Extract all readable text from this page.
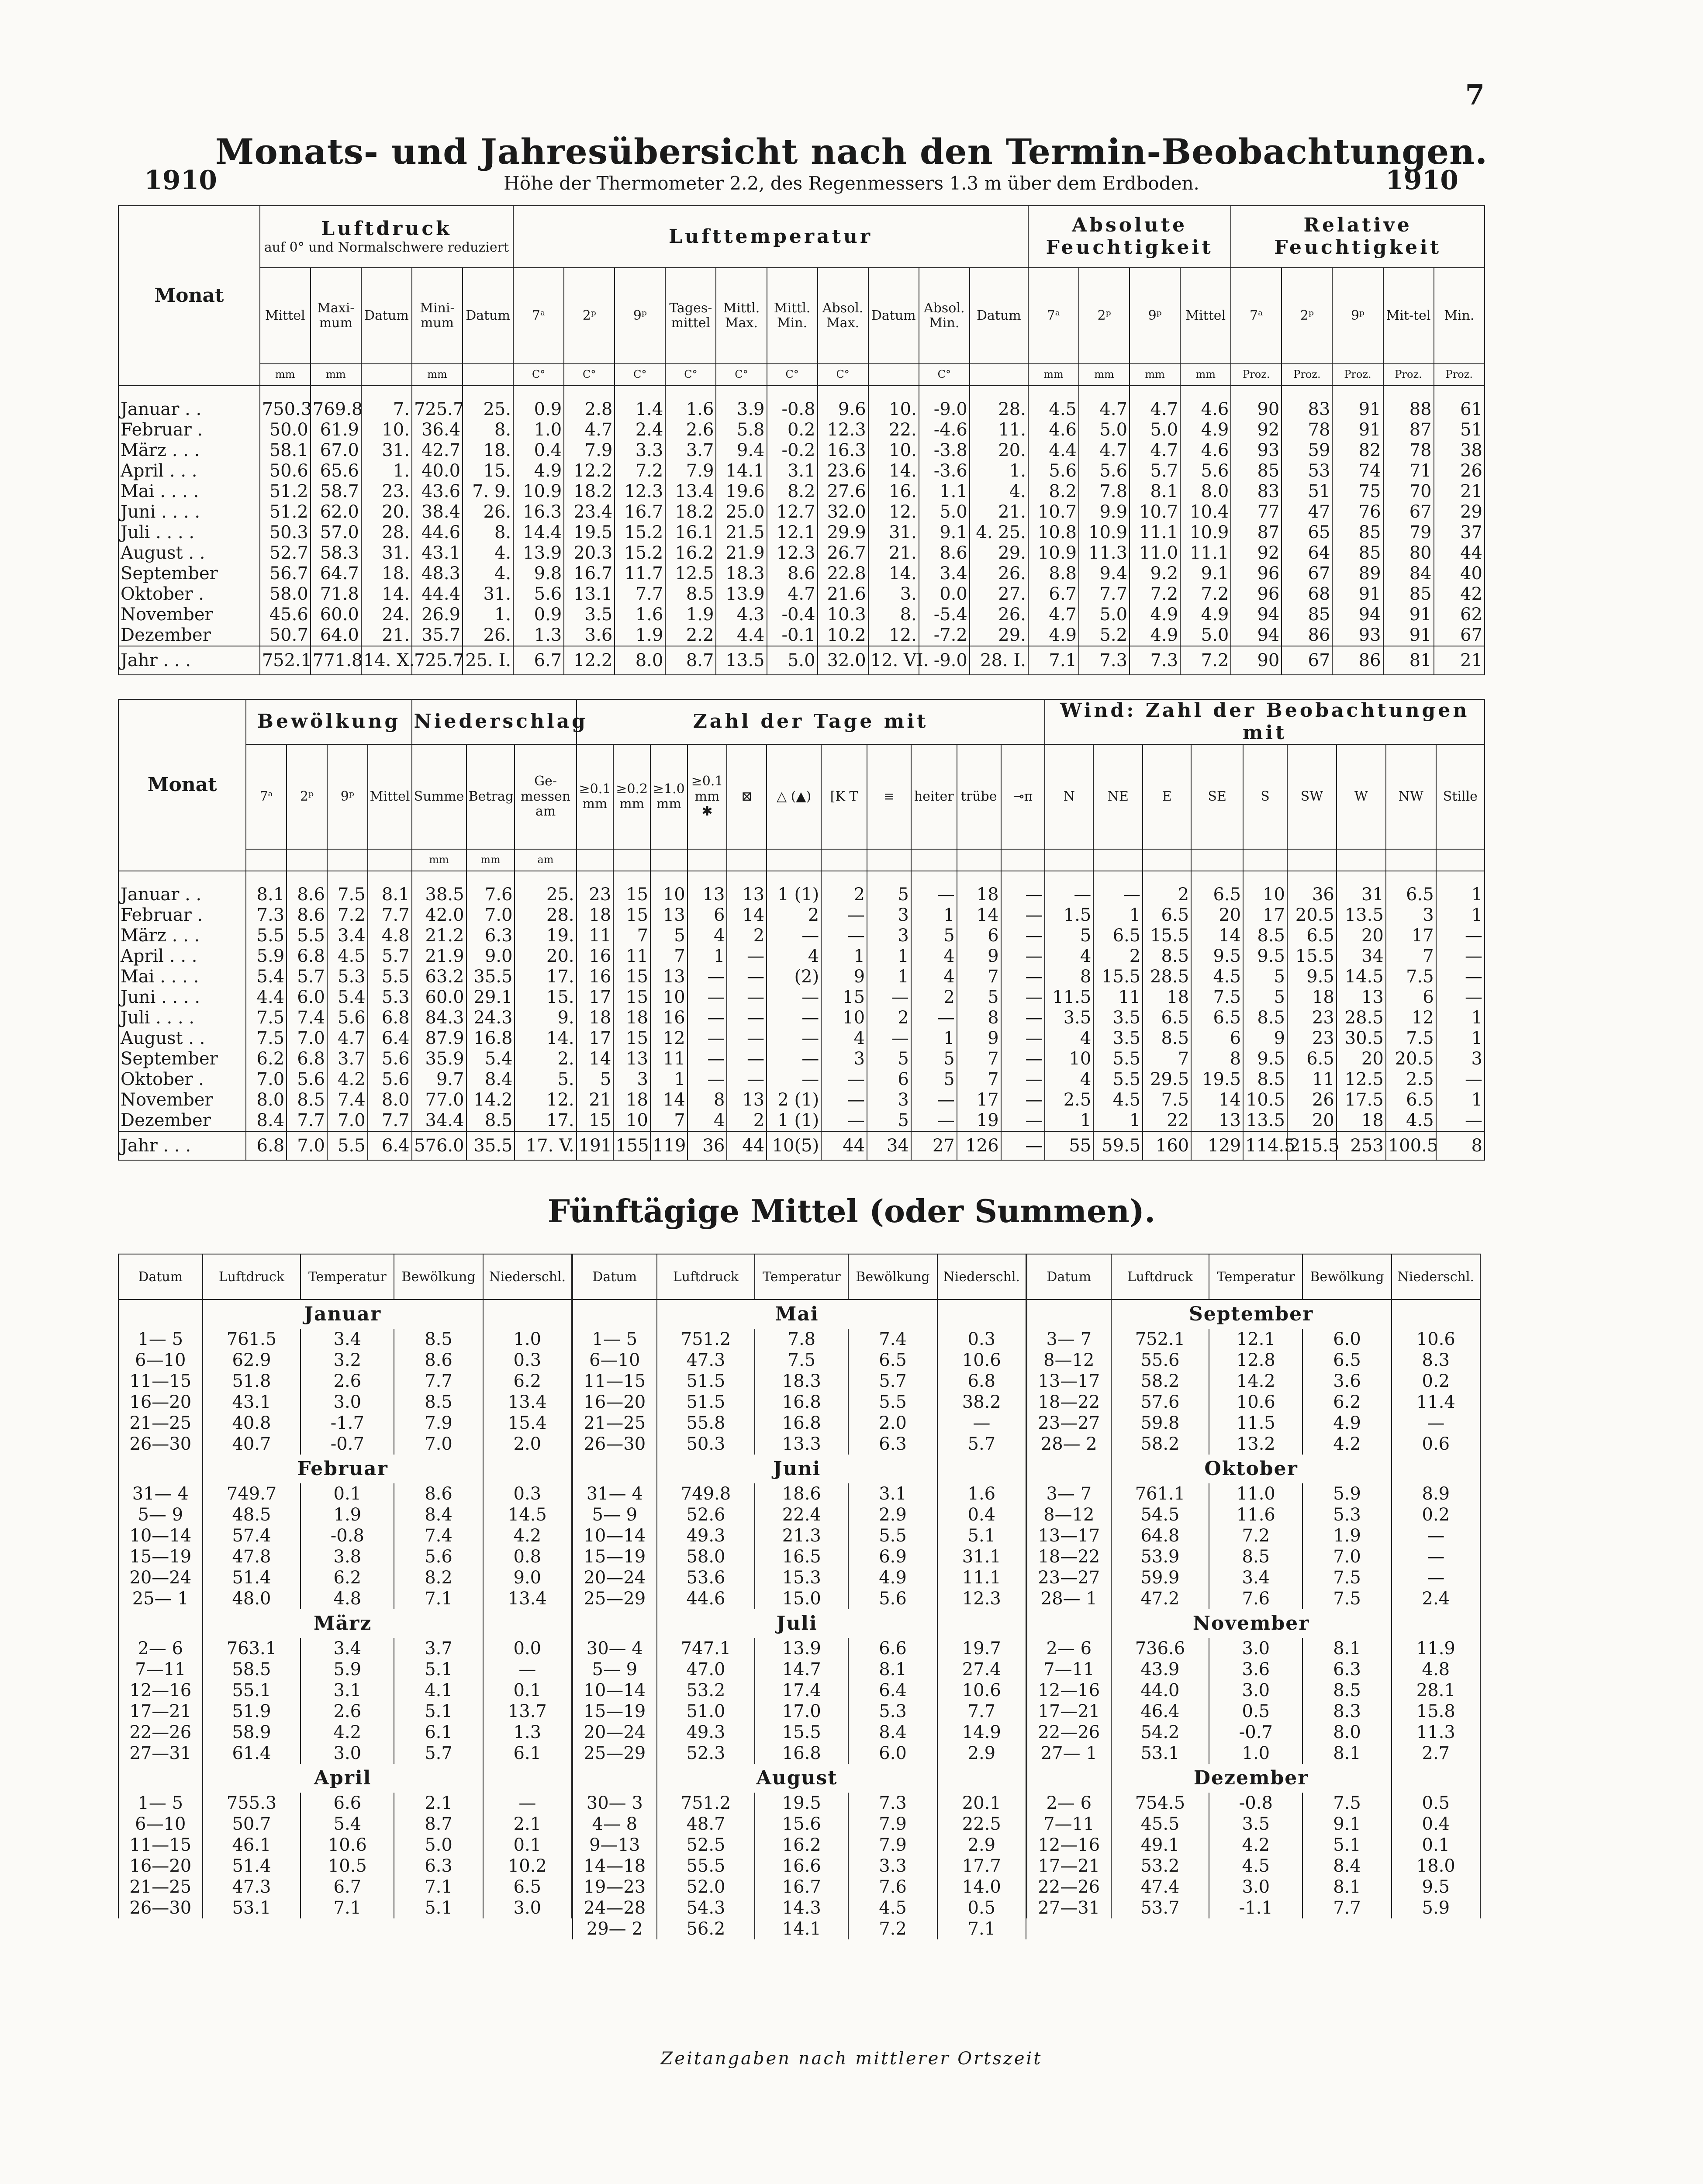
7
Monats- und Jahresübersicht nach den Termin-Beobachtungen.
1910	1910
Höhe der Thermometer 2.2, des Regenmessers 1.3 m über dem Erdboden.
Monat	Luftdruck
auf 0° und Normalschwere reduziert					Lufttemperatur										Absolute Feuchtigkeit				Relative Feuchtigkeit				
	Mittel	Maxi-mum	Datum	Mini-mum	Datum	7ᵃ	2ᵖ	9ᵖ	Tages-mittel	Mittl. Max.	Mittl. Min.	Absol. Max.	Datum	Absol. Min.	Datum	7ᵃ	2ᵖ	9ᵖ	Mittel	7ᵃ	2ᵖ	9ᵖ	Mit-tel	Min.
	mm	mm		mm		C°	C°	C°	C°	C°	C°	C°		C°		mm	mm	mm	mm	Proz.	Proz.	Proz.	Proz.	Proz.
Januar . .	750.3	769.8	7.	725.7	25.	0.9	2.8	1.4	1.6	3.9	-0.8	9.6	10.	-9.0	28.	4.5	4.7	4.7	4.6	90	83	91	88	61
Februar .	50.0	61.9	10.	36.4	8.	1.0	4.7	2.4	2.6	5.8	0.2	12.3	22.	-4.6	11.	4.6	5.0	5.0	4.9	92	78	91	87	51
März . . .	58.1	67.0	31.	42.7	18.	0.4	7.9	3.3	3.7	9.4	-0.2	16.3	10.	-3.8	20.	4.4	4.7	4.7	4.6	93	59	82	78	38
April . . .	50.6	65.6	1.	40.0	15.	4.9	12.2	7.2	7.9	14.1	3.1	23.6	14.	-3.6	1.	5.6	5.6	5.7	5.6	85	53	74	71	26
Mai . . . .	51.2	58.7	23.	43.6	7. 9.	10.9	18.2	12.3	13.4	19.6	8.2	27.6	16.	1.1	4.	8.2	7.8	8.1	8.0	83	51	75	70	21
Juni . . . .	51.2	62.0	20.	38.4	26.	16.3	23.4	16.7	18.2	25.0	12.7	32.0	12.	5.0	21.	10.7	9.9	10.7	10.4	77	47	76	67	29
Juli . . . .	50.3	57.0	28.	44.6	8.	14.4	19.5	15.2	16.1	21.5	12.1	29.9	31.	9.1	4. 25.	10.8	10.9	11.1	10.9	87	65	85	79	37
August . .	52.7	58.3	31.	43.1	4.	13.9	20.3	15.2	16.2	21.9	12.3	26.7	21.	8.6	29.	10.9	11.3	11.0	11.1	92	64	85	80	44
September	56.7	64.7	18.	48.3	4.	9.8	16.7	11.7	12.5	18.3	8.6	22.8	14.	3.4	26.	8.8	9.4	9.2	9.1	96	67	89	84	40
Oktober .	58.0	71.8	14.	44.4	31.	5.6	13.1	7.7	8.5	13.9	4.7	21.6	3.	0.0	27.	6.7	7.7	7.2	7.2	96	68	91	85	42
November	45.6	60.0	24.	26.9	1.	0.9	3.5	1.6	1.9	4.3	-0.4	10.3	8.	-5.4	26.	4.7	5.0	4.9	4.9	94	85	94	91	62
Dezember	50.7	64.0	21.	35.7	26.	1.3	3.6	1.9	2.2	4.4	-0.1	10.2	12.	-7.2	29.	4.9	5.2	4.9	5.0	94	86	93	91	67
Jahr . . .	752.1	771.8	14. X.	725.7	25. I.	6.7	12.2	8.0	8.7	13.5	5.0	32.0	12. VI.	-9.0	28. I.	7.1	7.3	7.3	7.2	90	67	86	81	21
Monat	Bewölkung				Niederschlag			Zahl der Tage mit											Wind: Zahl der Beobachtungen mit								
	7ᵃ	2ᵖ	9ᵖ	Mittel	Summe	Betrag	Ge-messen am	≥0.1 mm	≥0.2 mm	≥1.0 mm	≥0.1 mm ✱	⊠	△ (▲)	[Κ T	≡	heiter	trübe	⊸ᴨ	N	NE	E	SE	S	SW	W	NW	Stille
					mm	mm	am																				
Januar . .	8.1	8.6	7.5	8.1	38.5	7.6	25.	23	15	10	13	13	1 (1)	2	5	—	18	—	—	—	2	6.5	10	36	31	6.5	1
Februar .	7.3	8.6	7.2	7.7	42.0	7.0	28.	18	15	13	6	14	2	—	3	1	14	—	1.5	1	6.5	20	17	20.5	13.5	3	1
März . . .	5.5	5.5	3.4	4.8	21.2	6.3	19.	11	7	5	4	2	—	—	3	5	6	—	5	6.5	15.5	14	8.5	6.5	20	17	—
April . . .	5.9	6.8	4.5	5.7	21.9	9.0	20.	16	11	7	1	—	4	1	1	4	9	—	4	2	8.5	9.5	9.5	15.5	34	7	—
Mai . . . .	5.4	5.7	5.3	5.5	63.2	35.5	17.	16	15	13	—	—	(2)	9	1	4	7	—	8	15.5	28.5	4.5	5	9.5	14.5	7.5	—
Juni . . . .	4.4	6.0	5.4	5.3	60.0	29.1	15.	17	15	10	—	—	—	15	—	2	5	—	11.5	11	18	7.5	5	18	13	6	—
Juli . . . .	7.5	7.4	5.6	6.8	84.3	24.3	9.	18	18	16	—	—	—	10	2	—	8	—	3.5	3.5	6.5	6.5	8.5	23	28.5	12	1
August . .	7.5	7.0	4.7	6.4	87.9	16.8	14.	17	15	12	—	—	—	4	—	1	9	—	4	3.5	8.5	6	9	23	30.5	7.5	1
September	6.2	6.8	3.7	5.6	35.9	5.4	2.	14	13	11	—	—	—	3	5	5	7	—	10	5.5	7	8	9.5	6.5	20	20.5	3
Oktober .	7.0	5.6	4.2	5.6	9.7	8.4	5.	5	3	1	—	—	—	—	6	5	7	—	4	5.5	29.5	19.5	8.5	11	12.5	2.5	—
November	8.0	8.5	7.4	8.0	77.0	14.2	12.	21	18	14	8	13	2 (1)	—	3	—	17	—	2.5	4.5	7.5	14	10.5	26	17.5	6.5	1
Dezember	8.4	7.7	7.0	7.7	34.4	8.5	17.	15	10	7	4	2	1 (1)	—	5	—	19	—	1	1	22	13	13.5	20	18	4.5	—
Jahr . . .	6.8	7.0	5.5	6.4	576.0	35.5	17. V.	191	155	119	36	44	10(5)	44	34	27	126	—	55	59.5	160	129	114.5	215.5	253	100.5	8
Fünftägige Mittel (oder Summen).
Datum	Luftdruck	Temperatur	Bewölkung	Niederschl.
	Januar			
1— 5	761.5	3.4	8.5	1.0
6—10	62.9	3.2	8.6	0.3
11—15	51.8	2.6	7.7	6.2
16—20	43.1	3.0	8.5	13.4
21—25	40.8	-1.7	7.9	15.4
26—30	40.7	-0.7	7.0	2.0
	Februar			
31— 4	749.7	0.1	8.6	0.3
5— 9	48.5	1.9	8.4	14.5
10—14	57.4	-0.8	7.4	4.2
15—19	47.8	3.8	5.6	0.8
20—24	51.4	6.2	8.2	9.0
25— 1	48.0	4.8	7.1	13.4
	März			
2— 6	763.1	3.4	3.7	0.0
7—11	58.5	5.9	5.1	—
12—16	55.1	3.1	4.1	0.1
17—21	51.9	2.6	5.1	13.7
22—26	58.9	4.2	6.1	1.3
27—31	61.4	3.0	5.7	6.1
	April			
1— 5	755.3	6.6	2.1	—
6—10	50.7	5.4	8.7	2.1
11—15	46.1	10.6	5.0	0.1
16—20	51.4	10.5	6.3	10.2
21—25	47.3	6.7	7.1	6.5
26—30	53.1	7.1	5.1	3.0
Datum	Luftdruck	Temperatur	Bewölkung	Niederschl.
	Mai			
1— 5	751.2	7.8	7.4	0.3
6—10	47.3	7.5	6.5	10.6
11—15	51.5	18.3	5.7	6.8
16—20	51.5	16.8	5.5	38.2
21—25	55.8	16.8	2.0	—
26—30	50.3	13.3	6.3	5.7
	Juni			
31— 4	749.8	18.6	3.1	1.6
5— 9	52.6	22.4	2.9	0.4
10—14	49.3	21.3	5.5	5.1
15—19	58.0	16.5	6.9	31.1
20—24	53.6	15.3	4.9	11.1
25—29	44.6	15.0	5.6	12.3
	Juli			
30— 4	747.1	13.9	6.6	19.7
5— 9	47.0	14.7	8.1	27.4
10—14	53.2	17.4	6.4	10.6
15—19	51.0	17.0	5.3	7.7
20—24	49.3	15.5	8.4	14.9
25—29	52.3	16.8	6.0	2.9
	August			
30— 3	751.2	19.5	7.3	20.1
4— 8	48.7	15.6	7.9	22.5
9—13	52.5	16.2	7.9	2.9
14—18	55.5	16.6	3.3	17.7
19—23	52.0	16.7	7.6	14.0
24—28	54.3	14.3	4.5	0.5
29— 2	56.2	14.1	7.2	7.1
Datum	Luftdruck	Temperatur	Bewölkung	Niederschl.
	September			
3— 7	752.1	12.1	6.0	10.6
8—12	55.6	12.8	6.5	8.3
13—17	58.2	14.2	3.6	0.2
18—22	57.6	10.6	6.2	11.4
23—27	59.8	11.5	4.9	—
28— 2	58.2	13.2	4.2	0.6
	Oktober			
3— 7	761.1	11.0	5.9	8.9
8—12	54.5	11.6	5.3	0.2
13—17	64.8	7.2	1.9	—
18—22	53.9	8.5	7.0	—
23—27	59.9	3.4	7.5	—
28— 1	47.2	7.6	7.5	2.4
	November			
2— 6	736.6	3.0	8.1	11.9
7—11	43.9	3.6	6.3	4.8
12—16	44.0	3.0	8.5	28.1
17—21	46.4	0.5	8.3	15.8
22—26	54.2	-0.7	8.0	11.3
27— 1	53.1	1.0	8.1	2.7
	Dezember			
2— 6	754.5	-0.8	7.5	0.5
7—11	45.5	3.5	9.1	0.4
12—16	49.1	4.2	5.1	0.1
17—21	53.2	4.5	8.4	18.0
22—26	47.4	3.0	8.1	9.5
27—31	53.7	-1.1	7.7	5.9
Zeitangaben nach mittlerer Ortszeit
